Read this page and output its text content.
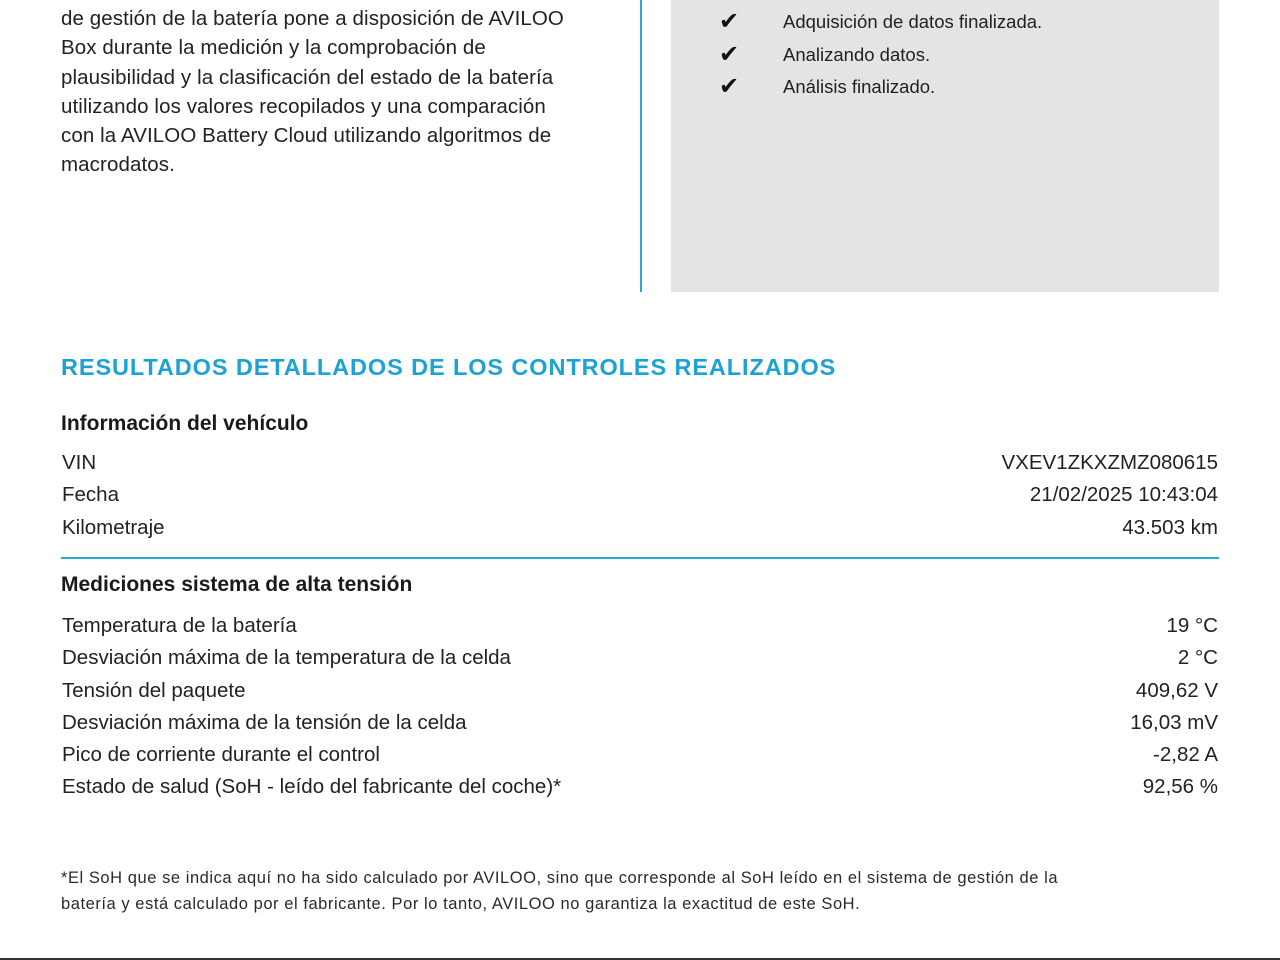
de gestión de la batería pone a disposición de AVILOO
Box durante la medición y la comprobación de
plausibilidad y la clasificación del estado de la batería
utilizando los valores recopilados y una comparación
con la AVILOO Battery Cloud utilizando algoritmos de
macrodatos.
✔ Adquisición de datos finalizada.
✔ Analizando datos.
✔ Análisis finalizado.
RESULTADOS DETALLADOS DE LOS CONTROLES REALIZADOS
Información del vehículo
VIN	VXEV1ZKXZMZ080615
Fecha	21/02/2025 10:43:04
Kilometraje	43.503 km
Mediciones sistema de alta tensión
Temperatura de la batería	19 °C
Desviación máxima de la temperatura de la celda	2 °C
Tensión del paquete	409,62 V
Desviación máxima de la tensión de la celda	16,03 mV
Pico de corriente durante el control	-2,82 A
Estado de salud (SoH - leído del fabricante del coche)*	92,56 %
*El SoH que se indica aquí no ha sido calculado por AVILOO, sino que corresponde al SoH leído en el sistema de gestión de la
batería y está calculado por el fabricante. Por lo tanto, AVILOO no garantiza la exactitud de este SoH.
